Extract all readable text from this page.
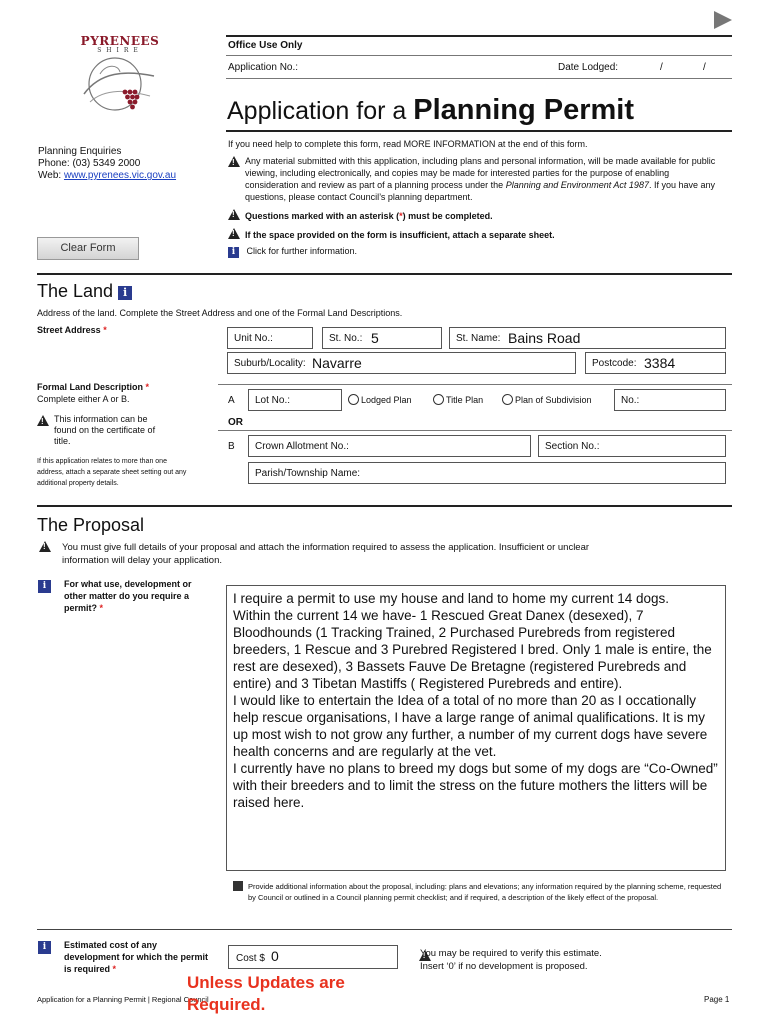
PYRENEES
SHIRE	Office Use Only
Application No.:	Date Lodged:	/	/
Application for a Planning Permit
Planning Enquiries
Phone: (03) 5349 2000
Web: www.pyrenees.vic.gov.au
If you need help to complete this form, read MORE INFORMATION at the end of this form.
!
Any material submitted with this application, including plans and personal information, will be made available for public viewing, including electronically, and copies may be made for interested parties for the purpose of enabling consideration and review as part of a planning process under the Planning and Environment Act 1987. If you have any questions, please contact Council’s planning department.
!  Questions marked with an asterisk (*) must be completed.
!  If the space provided on the form is insufficient, attach a separate sheet.
i Click for further information.
Clear Form
The Land i
Address of the land. Complete the Street Address and one of the Formal Land Descriptions.
Street Address *
Unit No.:	St. No.: 5	St. Name: Bains Road
Suburb/Locality: Navarre	Postcode: 3384
Formal Land Description *
Complete either A or B.
!
This information can be found on the certificate of title.
If this application relates to more than one address, attach a separate sheet setting out any additional property details.
A Lot No.:	Lodged Plan	Title Plan	Plan of Subdivision	No.:
OR
B Crown Allotment No.:	Section No.:
Parish/Township Name:
The Proposal
!
You must give full details of your proposal and attach the information required to assess the application. Insufficient or unclear information will delay your application.
i	For what use, development or other matter do you require a permit? *
I require a permit to use my house and land to home my current 14 dogs.
Within the current 14 we have- 1 Rescued Great Danex (desexed), 7 Bloodhounds (1 Tracking Trained, 2 Purchased Purebreds from registered breeders, 1 Rescue and 3 Purebred Registered I bred. Only 1 male is entire, the rest are desexed), 3 Bassets Fauve De Bretagne (registered Purebreds and entire) and 3 Tibetan Mastiffs ( Registered Purebreds and entire).
I would like to entertain the Idea of a total of no more than 20 as I occationally help rescue organisations, I have a large range of animal qualifications. It is my up most wish to not grow any further, a number of my current dogs have severe health concerns and are regularly at the vet.
I currently have no plans to breed my dogs but some of my dogs are “Co-Owned” with their breeders and to limit the stress on the future mothers the litters will be raised here.
Provide additional information about the proposal, including: plans and elevations; any information required by the planning scheme, requested by Council or outlined in a Council planning permit checklist; and if required, a description of the likely effect of the proposal.
i	Estimated cost of any development for which the permit is required *
Cost $ 0
!	You may be required to verify this estimate.
Insert ‘0’ if no development is proposed.
Application for a Planning Permit | Regional Council	Page 1
Unless Updates are Required.
